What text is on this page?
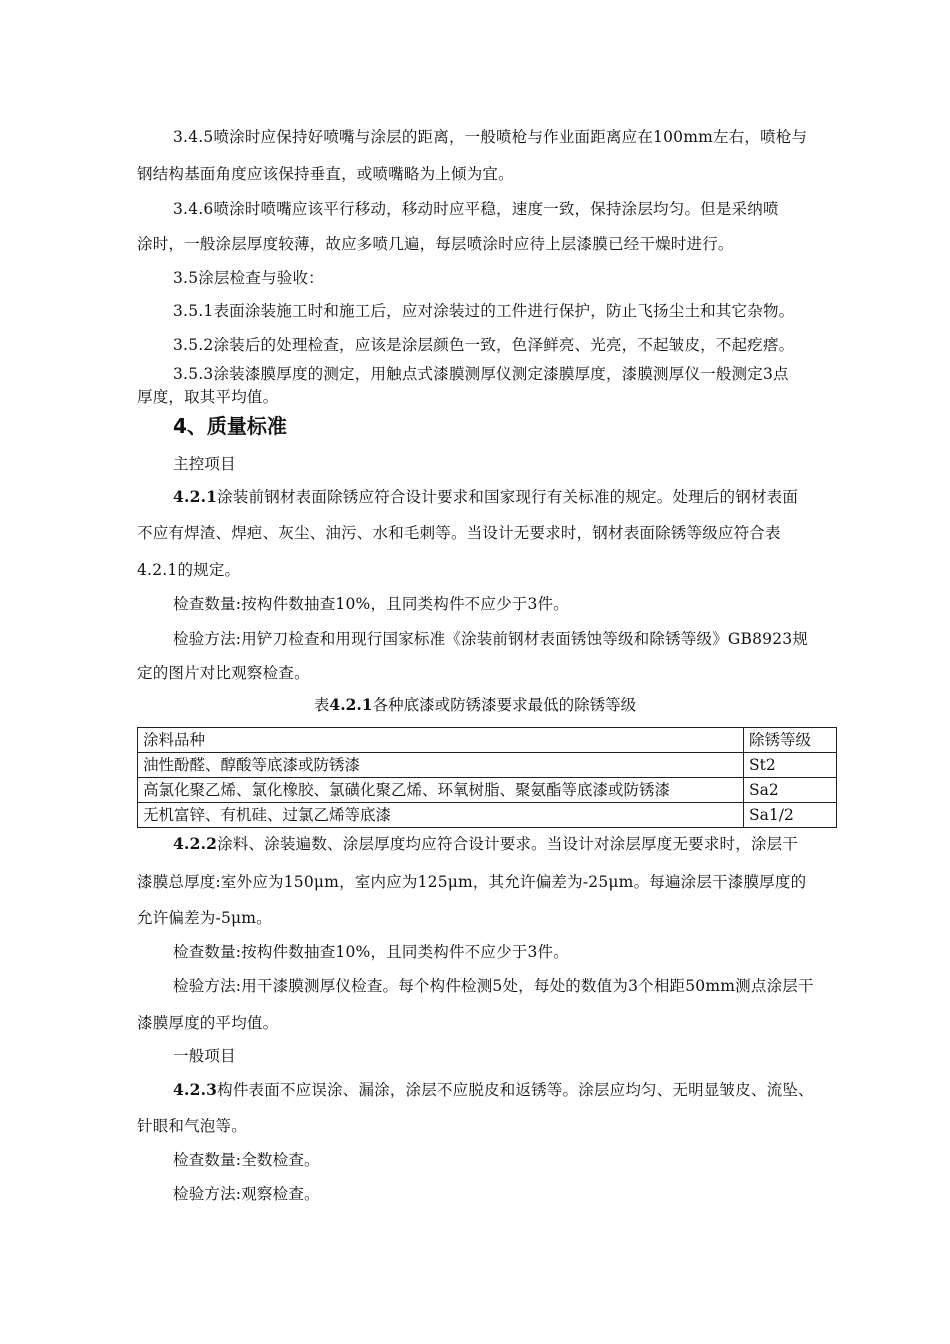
3.4.5喷涂时应保持好喷嘴与涂层的距离，一般喷枪与作业面距离应在100mm左右，喷枪与
钢结构基面角度应该保持垂直，或喷嘴略为上倾为宜。
3.4.6喷涂时喷嘴应该平行移动，移动时应平稳，速度一致，保持涂层均匀。但是采纳喷
涂时，一般涂层厚度较薄，故应多喷几遍，每层喷涂时应待上层漆膜已经干燥时进行。
3.5涂层检查与验收：
3.5.1表面涂装施工时和施工后，应对涂装过的工件进行保护，防止飞扬尘土和其它杂物。
3.5.2涂装后的处理检查，应该是涂层颜色一致，色泽鲜亮、光亮，不起皱皮，不起疙瘩。
3.5.3涂装漆膜厚度的测定，用触点式漆膜测厚仪测定漆膜厚度，漆膜测厚仪一般测定3点
厚度，取其平均值。
4、质量标准
主控项目
4.2.1涂装前钢材表面除锈应符合设计要求和国家现行有关标准的规定。处理后的钢材表面
不应有焊渣、焊疤、灰尘、油污、水和毛刺等。当设计无要求时，钢材表面除锈等级应符合表
4.2.1的规定。
检查数量:按构件数抽查10%，且同类构件不应少于3件。
检验方法:用铲刀检查和用现行国家标准《涂装前钢材表面锈蚀等级和除锈等级》GB8923规
定的图片对比观察检查。
表4.2.1各种底漆或防锈漆要求最低的除锈等级
涂料品种	除锈等级
油性酚醛、醇酸等底漆或防锈漆	St2
高氯化聚乙烯、氯化橡胶、氯磺化聚乙烯、环氧树脂、聚氨酯等底漆或防锈漆	Sa2
无机富锌、有机硅、过氯乙烯等底漆	Sa1/2
4.2.2涂料、涂装遍数、涂层厚度均应符合设计要求。当设计对涂层厚度无要求时，涂层干
漆膜总厚度:室外应为150μm，室内应为125μm，其允许偏差为-25μm。每遍涂层干漆膜厚度的
允许偏差为-5μm。
检查数量:按构件数抽查10%，且同类构件不应少于3件。
检验方法:用干漆膜测厚仪检查。每个构件检测5处，每处的数值为3个相距50mm测点涂层干
漆膜厚度的平均值。
一般项目
4.2.3构件表面不应误涂、漏涂，涂层不应脱皮和返锈等。涂层应均匀、无明显皱皮、流坠、
针眼和气泡等。
检查数量:全数检查。
检验方法:观察检查。
